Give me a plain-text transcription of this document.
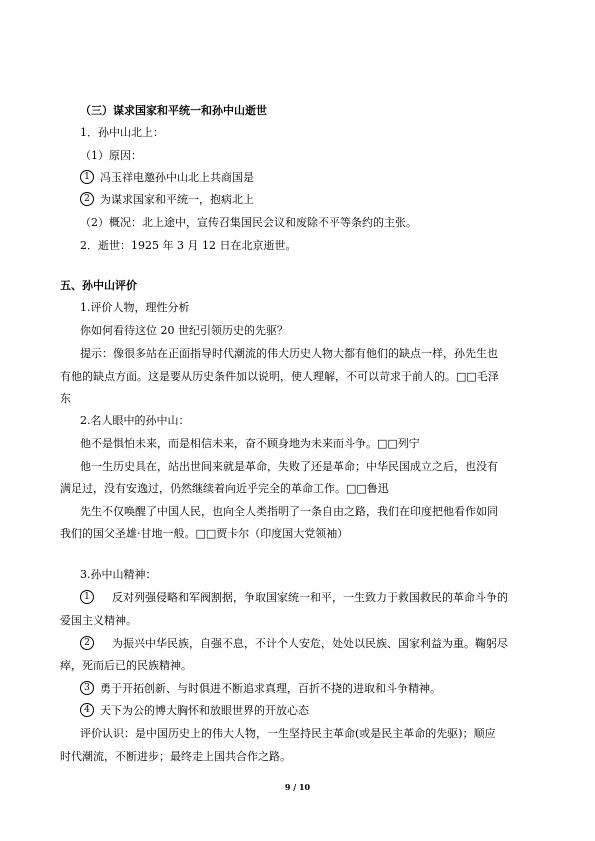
（三）谋求国家和平统一和孙中山逝世
1．孙中山北上：
（1）原因：
1 冯玉祥电邀孙中山北上共商国是
2 为谋求国家和平统一，抱病北上
（2）概况：北上途中，宣传召集国民会议和废除不平等条约的主张。
2．逝世：1925 年 3 月 12 日在北京逝世。
五、孙中山评价
1.评价人物，理性分析
你如何看待这位 20 世纪引领历史的先驱？
提示：像很多站在正面指导时代潮流的伟大历史人物大都有他们的缺点一样，孙先生也
有他的缺点方面。这是要从历史条件加以说明，使人理解，不可以苛求于前人的。□□毛泽
东
2.名人眼中的孙中山：
他不是惧怕未来，而是相信未来，奋不顾身地为未来而斗争。□□列宁
他一生历史具在，站出世间来就是革命，失败了还是革命；中华民国成立之后，也没有
满足过，没有安逸过，仍然继续着向近乎完全的革命工作。□□鲁迅
先生不仅唤醒了中国人民，也向全人类指明了一条自由之路，我们在印度把他看作如同
我们的国父圣雄·甘地一般。□□贾卡尔（印度国大党领袖）
3.孙中山精神：
1 反对列强侵略和军阀割据，争取国家统一和平，一生致力于救国救民的革命斗争的
爱国主义精神。
2 为振兴中华民族，自强不息，不计个人安危，处处以民族、国家利益为重。鞠躬尽
瘁，死而后已的民族精神。
3 勇于开拓创新、与时俱进不断追求真理，百折不挠的进取和斗争精神。
4 天下为公的博大胸怀和放眼世界的开放心态
评价认识：是中国历史上的伟大人物，一生坚持民主革命(或是民主革命的先驱)；顺应
时代潮流，不断进步；最终走上国共合作之路。
9 / 10
